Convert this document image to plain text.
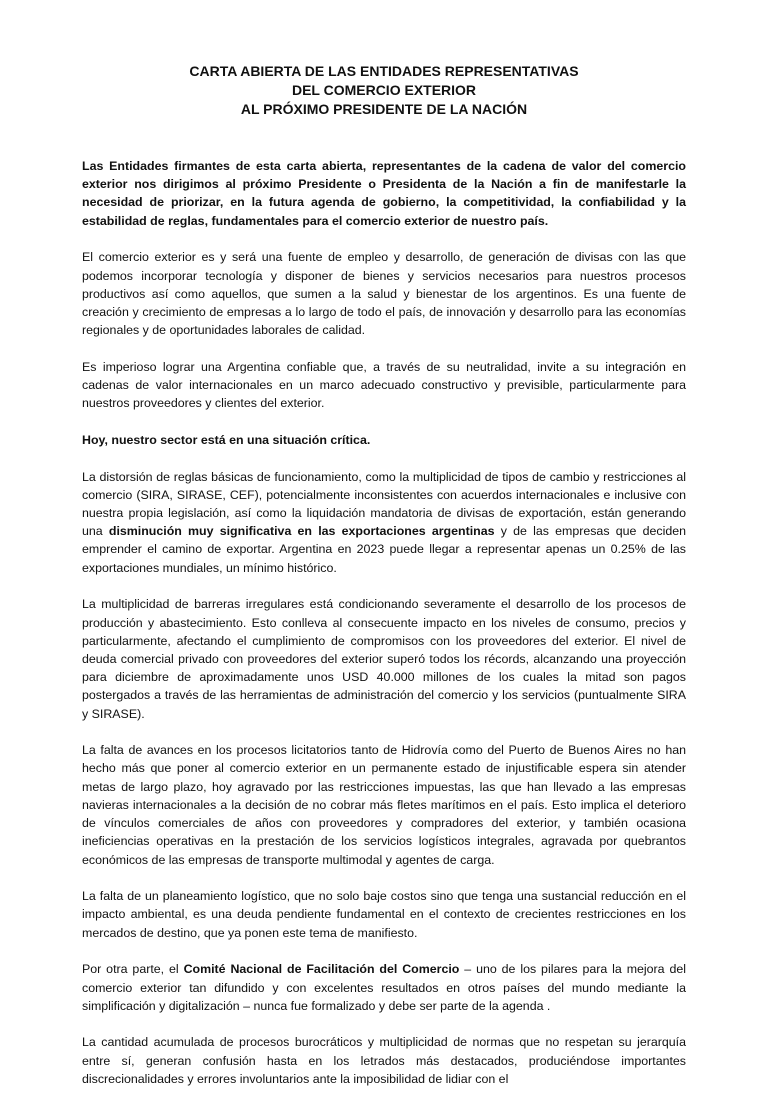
CARTA ABIERTA DE LAS ENTIDADES REPRESENTATIVAS
DEL COMERCIO EXTERIOR
AL PRÓXIMO PRESIDENTE DE LA NACIÓN

Las Entidades firmantes de esta carta abierta, representantes de la cadena de valor del comercio exterior nos dirigimos al próximo Presidente o Presidenta de la Nación a fin de manifestarle la necesidad de priorizar, en la futura agenda de gobierno, la competitividad, la confiabilidad y la estabilidad de reglas, fundamentales para el comercio exterior de nuestro país.

El comercio exterior es y será una fuente de empleo y desarrollo, de generación de divisas con las que podemos incorporar tecnología y disponer de bienes y servicios necesarios para nuestros procesos productivos así como aquellos, que sumen a la salud y bienestar de los argentinos. Es una fuente de creación y crecimiento de empresas a lo largo de todo el país, de innovación y desarrollo para las economías regionales y de oportunidades laborales de calidad.

Es imperioso lograr una Argentina confiable que, a través de su neutralidad, invite a su integración en cadenas de valor internacionales en un marco adecuado constructivo y previsible, particularmente para nuestros proveedores y clientes del exterior.

Hoy, nuestro sector está en una situación crítica.

La distorsión de reglas básicas de funcionamiento, como la multiplicidad de tipos de cambio y restricciones al comercio (SIRA, SIRASE, CEF), potencialmente inconsistentes con acuerdos internacionales e inclusive con nuestra propia legislación, así como la liquidación mandatoria de divisas de exportación, están generando una disminución muy significativa en las exportaciones argentinas y de las empresas que deciden emprender el camino de exportar. Argentina en 2023 puede llegar a representar apenas un 0.25% de las exportaciones mundiales, un mínimo histórico.

La multiplicidad de barreras irregulares está condicionando severamente el desarrollo de los procesos de producción y abastecimiento. Esto conlleva al consecuente impacto en los niveles de consumo, precios y particularmente, afectando el cumplimiento de compromisos con los proveedores del exterior. El nivel de deuda comercial privado con proveedores del exterior superó todos los récords, alcanzando una proyección para diciembre de aproximadamente unos USD 40.000 millones de los cuales la mitad son pagos postergados a través de las herramientas de administración del comercio y los servicios (puntualmente SIRA y SIRASE).

La falta de avances en los procesos licitatorios tanto de Hidrovía como del Puerto de Buenos Aires no han hecho más que poner al comercio exterior en un permanente estado de injustificable espera sin atender metas de largo plazo, hoy agravado por las restricciones impuestas, las que han llevado a las empresas navieras internacionales a la decisión de no cobrar más fletes marítimos en el país. Esto implica el deterioro de vínculos comerciales de años con proveedores y compradores del exterior, y también ocasiona ineficiencias operativas en la prestación de los servicios logísticos integrales, agravada por quebrantos económicos de las empresas de transporte multimodal y agentes de carga.

La falta de un planeamiento logístico, que no solo baje costos sino que tenga una sustancial reducción en el impacto ambiental, es una deuda pendiente fundamental en el contexto de crecientes restricciones en los mercados de destino, que ya ponen este tema de manifiesto.

Por otra parte, el Comité Nacional de Facilitación del Comercio – uno de los pilares para la mejora del comercio exterior tan difundido y con excelentes resultados en otros países del mundo mediante la simplificación y digitalización – nunca fue formalizado y debe ser parte de la agenda .

La cantidad acumulada de procesos burocráticos y multiplicidad de normas que no respetan su jerarquía entre sí, generan confusión hasta en los letrados más destacados, produciéndose importantes discrecionalidades y errores involuntarios ante la imposibilidad de lidiar con el
